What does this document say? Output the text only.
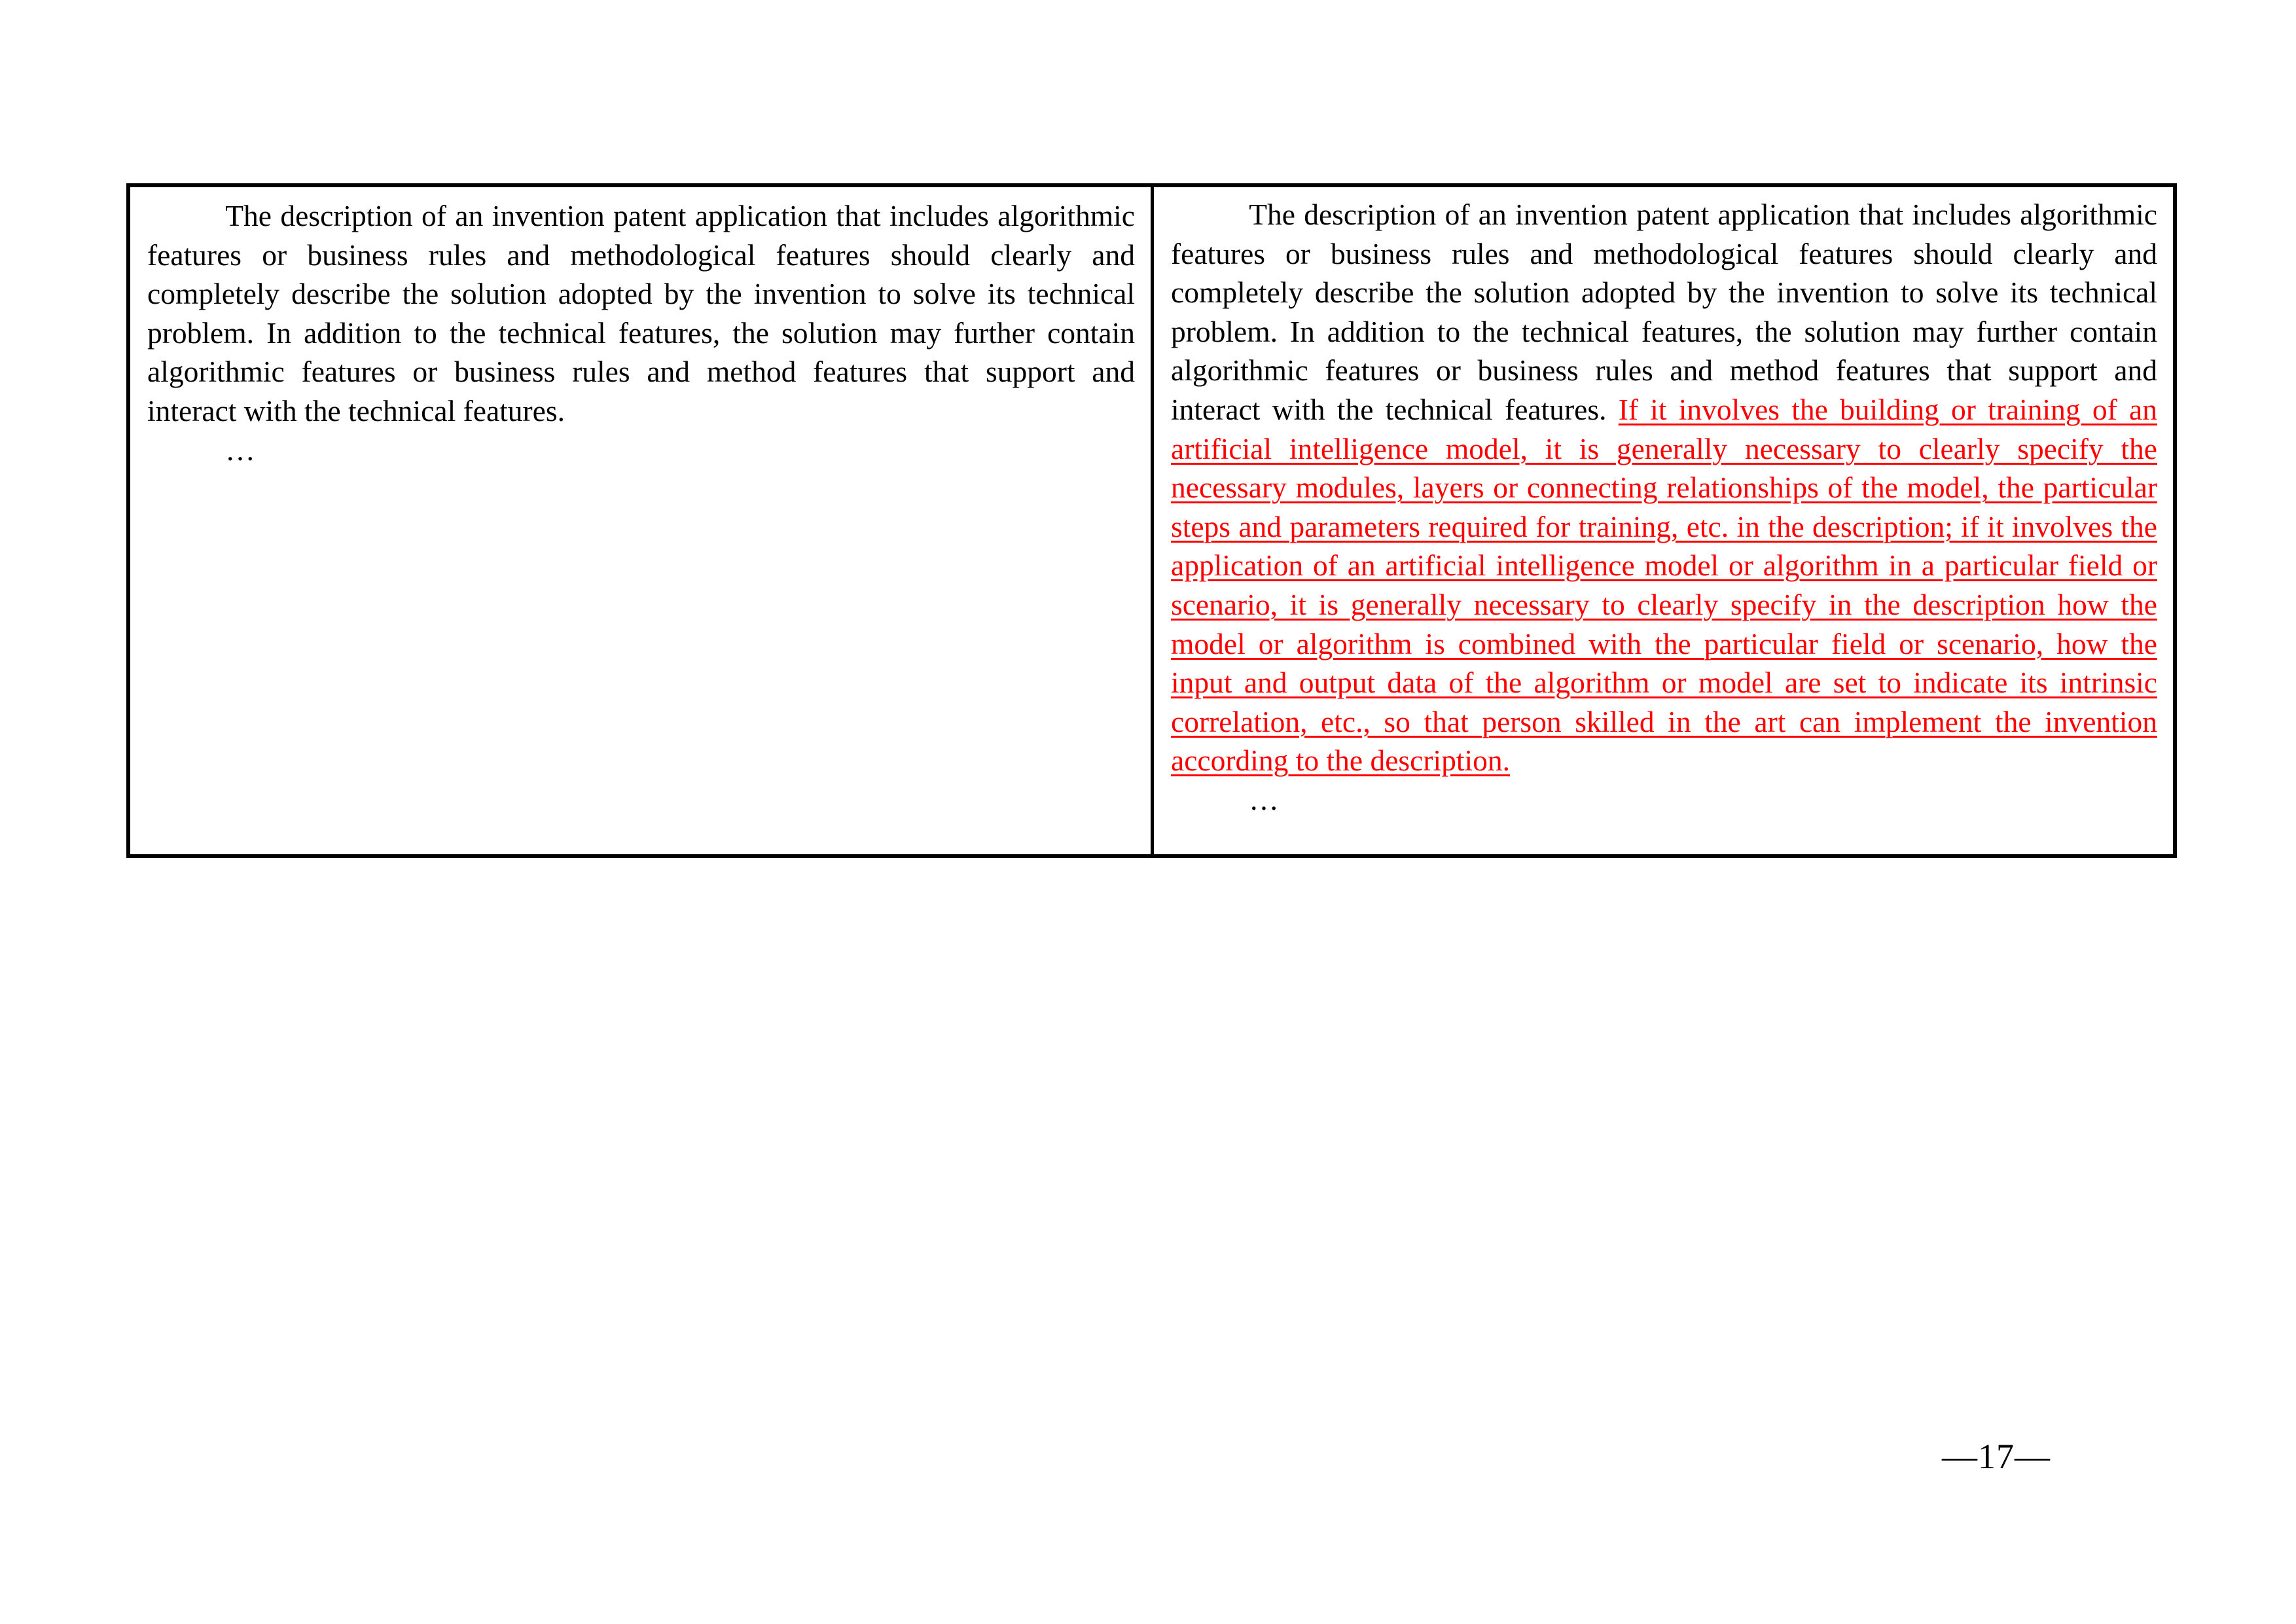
The description of an invention patent application that includes algorithmic features or business rules and methodological features should clearly and completely describe the solution adopted by the invention to solve its technical problem. In addition to the technical features, the solution may further contain algorithmic features or business rules and method features that support and interact with the technical features.

…

The description of an invention patent application that includes algorithmic features or business rules and methodological features should clearly and completely describe the solution adopted by the invention to solve its technical problem. In addition to the technical features, the solution may further contain algorithmic features or business rules and method features that support and interact with the technical features. If it involves the building or training of an artificial intelligence model, it is generally necessary to clearly specify the necessary modules, layers or connecting relationships of the model, the particular steps and parameters required for training, etc. in the description; if it involves the application of an artificial intelligence model or algorithm in a particular field or scenario, it is generally necessary to clearly specify in the description how the model or algorithm is combined with the particular field or scenario, how the input and output data of the algorithm or model are set to indicate its intrinsic correlation, etc., so that person skilled in the art can implement the invention according to the description.

…

—17—
